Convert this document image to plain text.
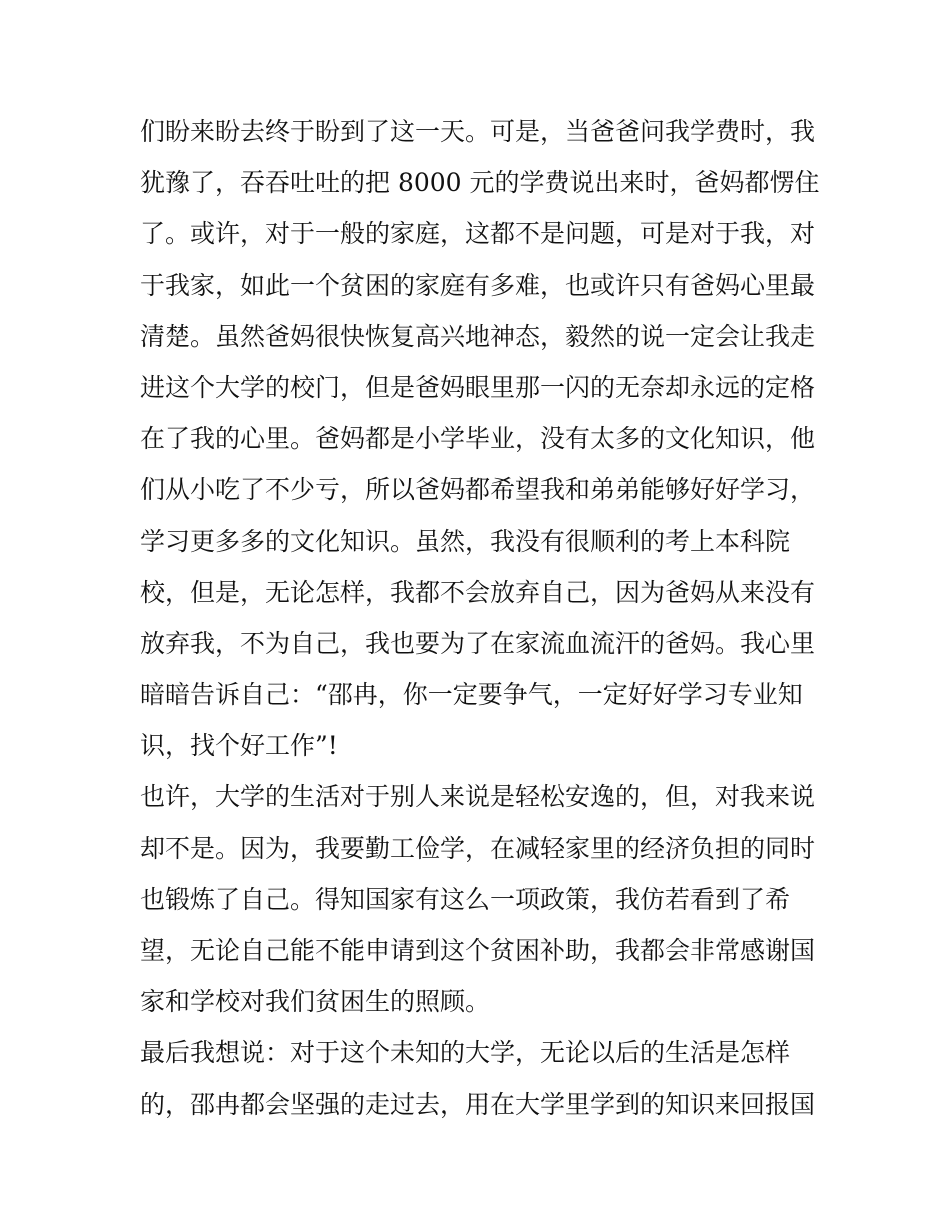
们盼来盼去终于盼到了这一天。可是，当爸爸问我学费时，我
犹豫了，吞吞吐吐的把 8000 元的学费说出来时，爸妈都愣住
了。或许，对于一般的家庭，这都不是问题，可是对于我，对
于我家，如此一个贫困的家庭有多难，也或许只有爸妈心里最
清楚。虽然爸妈很快恢复高兴地神态，毅然的说一定会让我走
进这个大学的校门，但是爸妈眼里那一闪的无奈却永远的定格
在了我的心里。爸妈都是小学毕业，没有太多的文化知识，他
们从小吃了不少亏，所以爸妈都希望我和弟弟能够好好学习，
学习更多多的文化知识。虽然，我没有很顺利的考上本科院
校，但是，无论怎样，我都不会放弃自己，因为爸妈从来没有
放弃我，不为自己，我也要为了在家流血流汗的爸妈。我心里
暗暗告诉自己：“邵冉，你一定要争气，一定好好学习专业知
识，找个好工作”!
也许，大学的生活对于别人来说是轻松安逸的，但，对我来说
却不是。因为，我要勤工俭学，在减轻家里的经济负担的同时
也锻炼了自己。得知国家有这么一项政策，我仿若看到了希
望，无论自己能不能申请到这个贫困补助，我都会非常感谢国
家和学校对我们贫困生的照顾。
最后我想说：对于这个未知的大学，无论以后的生活是怎样
的，邵冉都会坚强的走过去，用在大学里学到的知识来回报国
